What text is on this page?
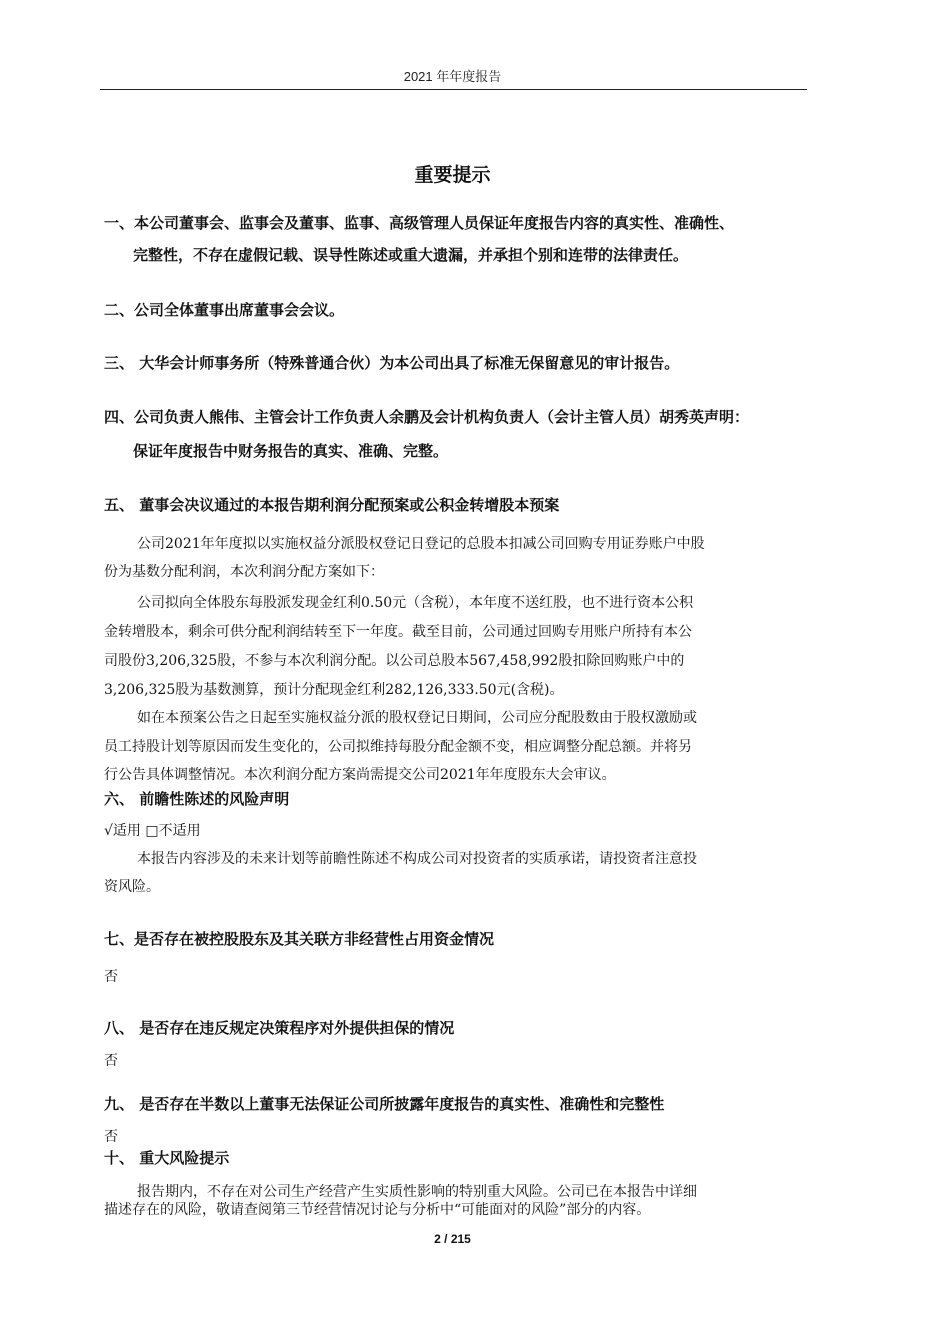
2021 年年度报告
重要提示
一、本公司董事会、监事会及董事、监事、高级管理人员保证年度报告内容的真实性、准确性、
完整性，不存在虚假记载、误导性陈述或重大遗漏，并承担个别和连带的法律责任。
二、公司全体董事出席董事会会议。
三、 大华会计师事务所（特殊普通合伙）为本公司出具了标准无保留意见的审计报告。
四、公司负责人熊伟、主管会计工作负责人余鹏及会计机构负责人（会计主管人员）胡秀英声明：
保证年度报告中财务报告的真实、准确、完整。
五、 董事会决议通过的本报告期利润分配预案或公积金转增股本预案
公司2021年年度拟以实施权益分派股权登记日登记的总股本扣减公司回购专用证券账户中股
份为基数分配利润，本次利润分配方案如下：
公司拟向全体股东每股派发现金红利0.50元（含税），本年度不送红股，也不进行资本公积
金转增股本，剩余可供分配利润结转至下一年度。截至目前，公司通过回购专用账户所持有本公
司股份3,206,325股，不参与本次利润分配。以公司总股本567,458,992股扣除回购账户中的
3,206,325股为基数测算，预计分配现金红利282,126,333.50元(含税)。
如在本预案公告之日起至实施权益分派的股权登记日期间，公司应分配股数由于股权激励或
员工持股计划等原因而发生变化的，公司拟维持每股分配金额不变，相应调整分配总额。并将另
行公告具体调整情况。本次利润分配方案尚需提交公司2021年年度股东大会审议。
六、 前瞻性陈述的风险声明
√适用 □不适用
本报告内容涉及的未来计划等前瞻性陈述不构成公司对投资者的实质承诺，请投资者注意投
资风险。
七、是否存在被控股股东及其关联方非经营性占用资金情况
否
八、 是否存在违反规定决策程序对外提供担保的情况
否
九、 是否存在半数以上董事无法保证公司所披露年度报告的真实性、准确性和完整性
否
十、 重大风险提示
报告期内，不存在对公司生产经营产生实质性影响的特别重大风险。公司已在本报告中详细
描述存在的风险，敬请查阅第三节经营情况讨论与分析中“可能面对的风险”部分的内容。
2 / 215
